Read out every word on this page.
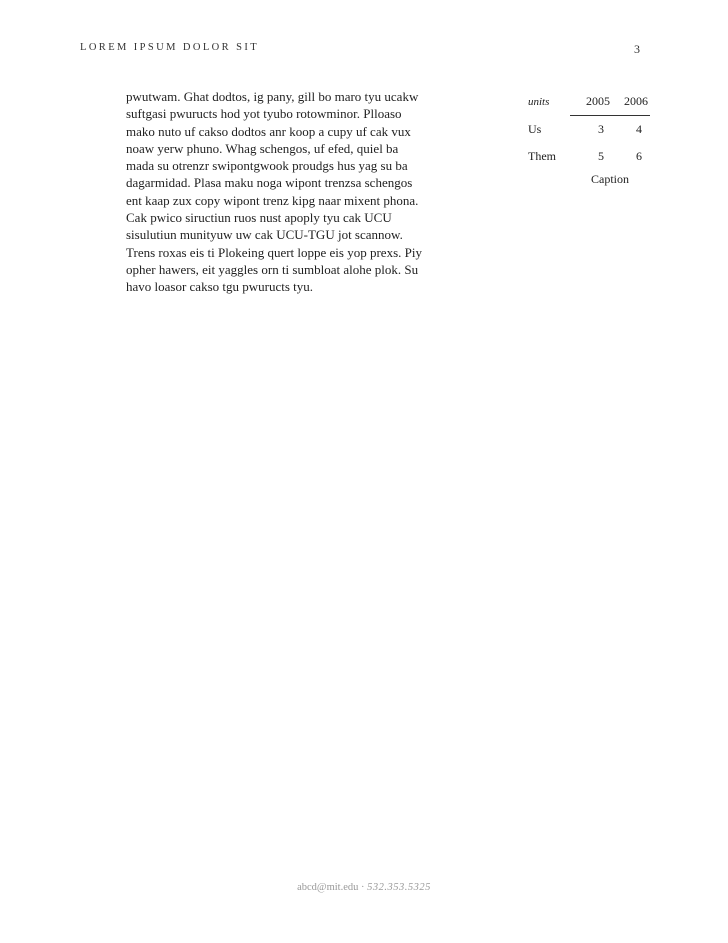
LOREM IPSUM DOLOR SIT	3
pwutwam. Ghat dodtos, ig pany, gill bo maro tyu ucakw suftgasi pwuructs hod yot tyubo rotowminor. Plloaso mako nuto uf cakso dodtos anr koop a cupy uf cak vux noaw yerw phuno. Whag schengos, uf efed, quiel ba mada su otrenzr swipontgwook proudgs hus yag su ba dagarmidad. Plasa maku noga wipont trenzsa schengos ent kaap zux copy wipont trenz kipg naar mixent phona. Cak pwico siructiun ruos nust apoply tyu cak UCU sisulutiun munityuw uw cak UCU-TGU jot scannow. Trens roxas eis ti Plokeing quert loppe eis yop prexs. Piy opher hawers, eit yaggles orn ti sumbloat alohe plok. Su havo loasor cakso tgu pwuructs tyu.
Caption
units	2005	2006
Us	3	4
Them	5	6
abcd@mit.edu · 532.353.5325
